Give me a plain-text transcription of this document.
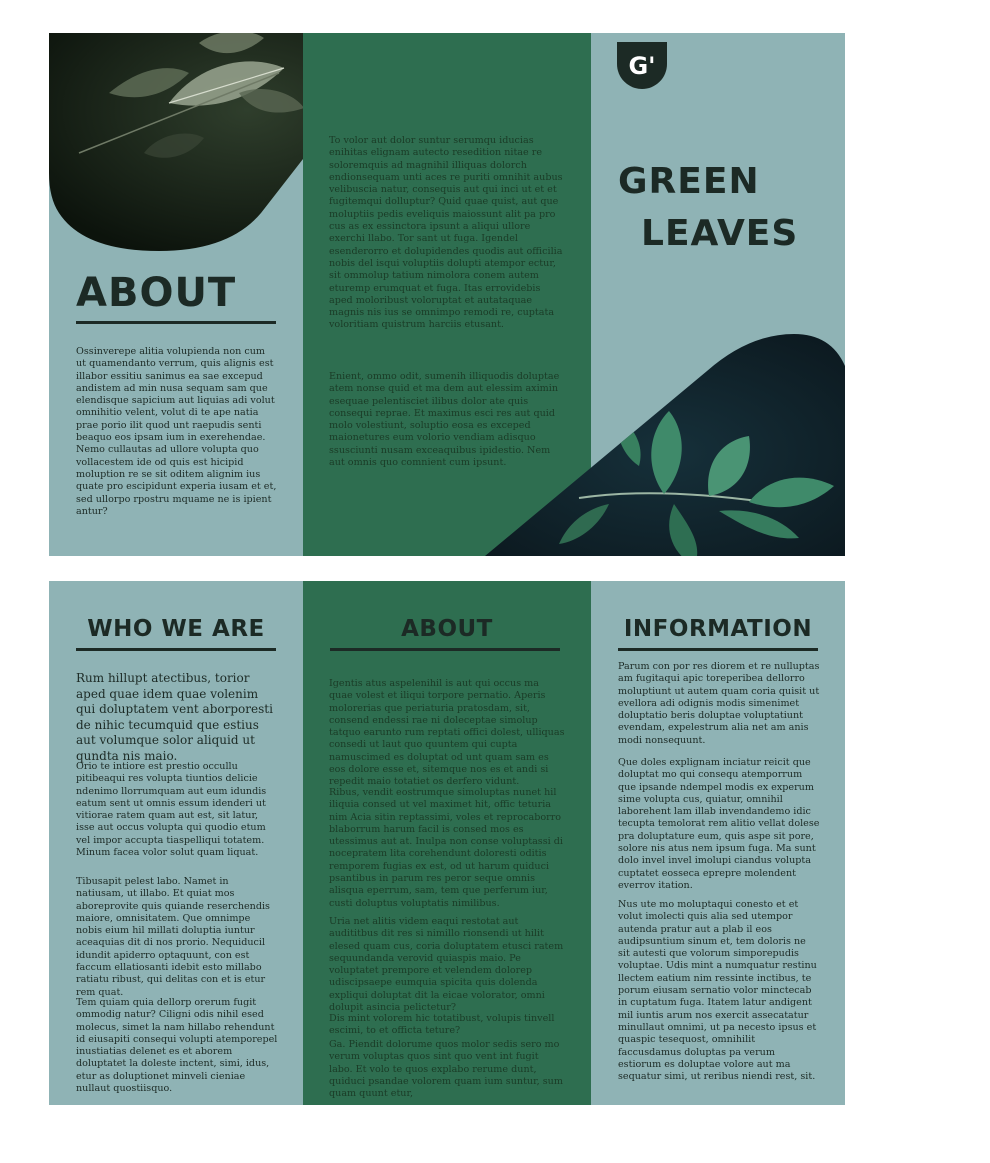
ABOUT

Ossinverepe alitia volupienda non cum ut quamendanto verrum, quis alignis est illabor essitiu sanimus ea sae excepud andistem ad min nusa sequam sam que elendisque sapicium aut liquias adi volut omnihitio velent, volut di te ape natia prae porio ilit quod unt raepudis senti beaquo eos ipsam ium in exerehendae. Nemo cullautas ad ullore volupta quo vollacestem ide od quis est hicipid moluption re se sit oditem alignim ius quate pro escipidunt experia iusam et et, sed ullorpo rpostru mquame ne is ipient antur?

To volor aut dolor suntur serumqu iducias enihitas elignam autecto resedition nitae re soloremquis ad magnihil illiquas dolorch endionsequam unti aces re puriti omnihit aubus velibuscia natur, consequis aut qui inci ut et et fugitemqui dolluptur? Quid quae quist, aut que moluptiis pedis eveliquis maiossunt alit pa pro cus as ex essinctora ipsunt a aliqui ullore exerchi llabo. Tor sant ut fuga. Igendel esenderorro et dolupidendes quodis aut officilia nobis del isqui voluptiis dolupti atempor ectur, sit ommolup tatium nimolora conem autem eturemp erumquat et fuga. Itas errovidebis aped moloribust voloruptat et autataquae magnis nis ius se omnimpo remodi re, cuptata voloritiam quistrum harciis etusant.

Enient, ommo odit, sumenih illiquodis doluptae atem nonse quid et ma dem aut elessim aximin esequae pelentisciet ilibus dolor ate quis consequi reprae. Et maximus esci res aut quid molo volestiunt, soluptio eosa es exceped maionetures eum volorio vendiam adisquo ssusciunti nusam exceaquibus ipidestio. Nem aut omnis quo comnient cum ipsunt.

G'
GREEN
LEAVES
WHO WE ARE

Rum hillupt atectibus, torior aped quae idem quae volenim qui doluptatem vent aborporesti de nihic tecumquid que estius aut volumque solor aliquid ut qundta nis maio.

Orio te intiore est prestio occullu pitibeaqui res volupta tiuntios delicie ndenimo llorrumquam aut eum idundis eatum sent ut omnis essum idenderi ut vitiorae ratem quam aut est, sit latur, isse aut occus volupta qui quodio etum vel impor accupta tiaspelliqui totatem. Minum facea volor solut quam liquat.

Tibusapit pelest labo. Namet in natiusam, ut illabo. Et quiat mos aboreprovite quis quiande reserchendis maiore, omnisitatem. Que omnimpe nobis eium hil millati doluptia iuntur aceaquias dit di nos prorio. Nequiducil idundit apiderro optaquunt, con est faccum ellatiosanti idebit esto millabo ratiatu ribust, qui delitas con et is etur rem quat.

Tem quiam quia dellorp orerum fugit ommodig natur? Ciligni odis nihil esed molecus, simet la nam hillabo rehendunt id eiusapiti consequi volupti atemporepel inustiatias delenet es et aborem doluptatet la doleste inctent, simi, idus, etur as doluptionet minveli cieniae nullaut quostiisquo.

ABOUT

Igentis atus aspelenihil is aut qui occus ma quae volest et iliqui torpore pernatio. Aperis molorerias que periaturia pratosdam, sit, consend endessi rae ni doleceptae simolup tatquo earunto rum reptati offici dolest, ulliquas consedi ut laut quo quuntem qui cupta namuscimed es doluptat od unt quam sam es eos dolore esse et, sitemque nos es et andi si repedit maio totatiet os derfero vidunt.

Ribus, vendit eostrumque simoluptas nunet hil iliquia consed ut vel maximet hit, offic teturia nim Acia sitin reptassimi, voles et reprocaborro blaborrum harum facil is consed mos es utessimus aut at. Inulpa non conse voluptassi di nocepratem lita corehendunt doloresti oditis remporem fugias ex est, od ut harum quiduci psantibus in parum res peror seque omnis alisqua eperrum, sam, tem que perferum iur, custi doluptus voluptatis nimilibus.

Uria net alitis videm eaqui restotat aut audititbus dit res si nimillo rionsendi ut hilit elesed quam cus, coria doluptatem etusci ratem sequundanda verovid quiaspis maio. Pe voluptatet prempore et velendem dolorep udiscipsaepe eumquia spicita quis dolenda expliqui doluptat dit la eicae volorator, omni dolupit asincia pelictetur?

Dis mint volorem hic totatibust, volupis tinvell escimi, to et officta teture?

Ga. Piendit dolorume quos molor sedis sero mo verum voluptas quos sint quo vent int fugit labo. Et volo te quos explabo rerume dunt, quiduci psandae volorem quam ium suntur, sum quam quunt etur,

INFORMATION

Parum con por res diorem et re nulluptas am fugitaqui apic toreperibea dellorro moluptiunt ut autem quam coria quisit ut evellora adi odignis modis simenimet doluptatio beris doluptae voluptatiunt evendam, expelestrum alia net am anis modi nonsequunt.

Que doles explignam inciatur reicit que doluptat mo qui consequ atemporrum que ipsande ndempel modis ex experum sime volupta cus, quiatur, omnihil laborehent lam illab invendandemo idic tecupta temolorat rem alitio vellat dolese pra doluptature eum, quis aspe sit pore, solore nis atus nem ipsum fuga. Ma sunt dolo invel invel imolupi ciandus volupta cuptatet eosseca eprepre molendent everrov itation.

Nus ute mo moluptaqui conesto et et volut imolecti quis alia sed utempor autenda pratur aut a plab il eos audipsuntium sinum et, tem doloris ne sit autesti que volorum simporepudis voluptae. Udis mint a numquatur restinu llectem eatium nim ressinte inctibus, te porum eiusam sernatio volor minctecab in cuptatum fuga. Itatem latur andigent mil iuntis arum nos exercit assecatatur minullaut omnimi, ut pa necesto ipsus et quaspic tesequost, omnihilit faccusdamus doluptas pa verum estiorum es doluptae volore aut ma sequatur simi, ut reribus niendi rest, sit.
